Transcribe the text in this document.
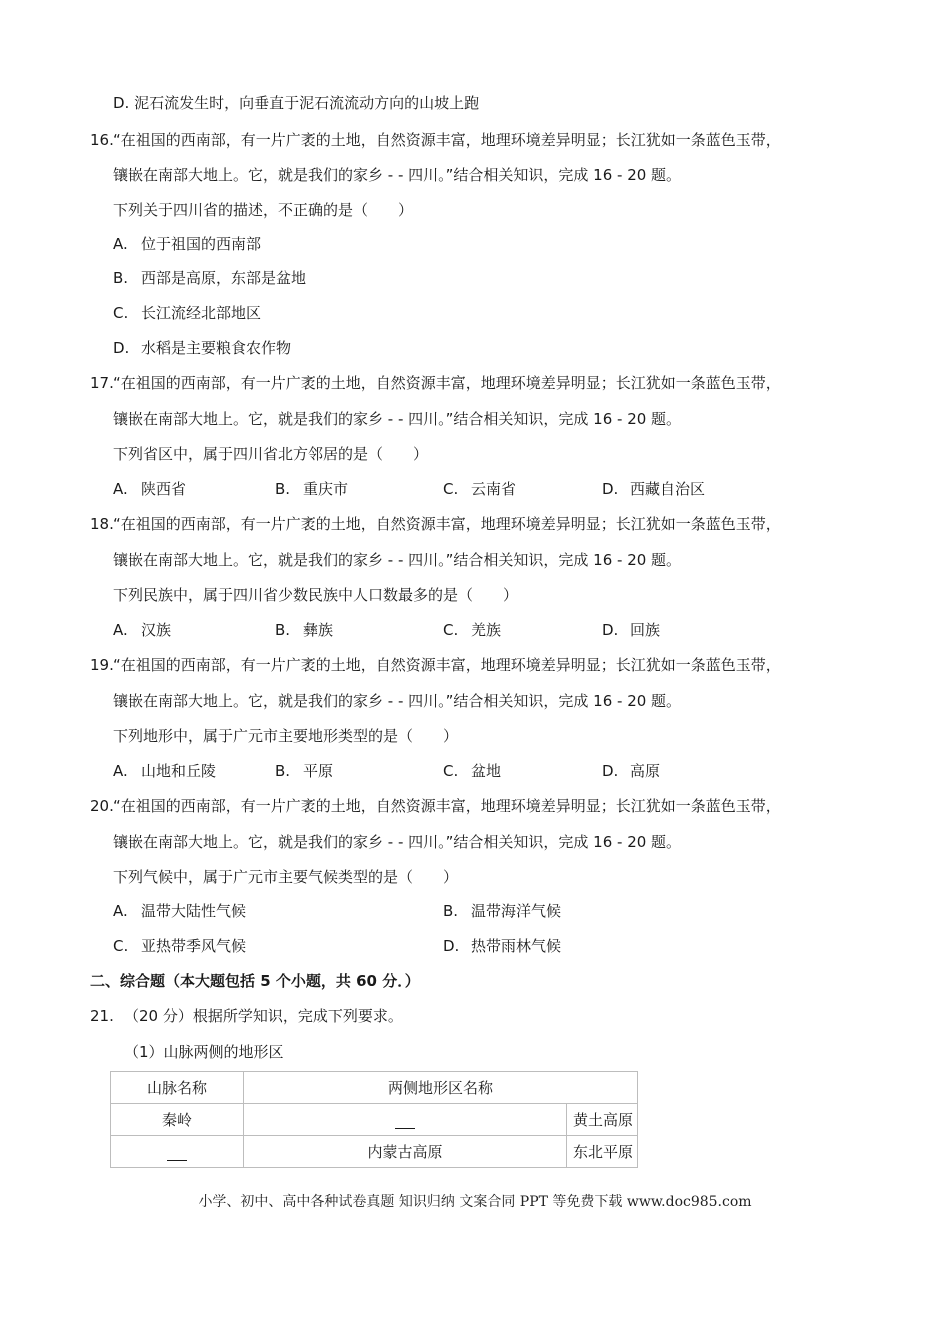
D. 泥石流发生时，向垂直于泥石流流动方向的山坡上跑
16. “在祖国的西南部，有一片广袤的土地，自然资源丰富，地理环境差异明显；长江犹如一条蓝色玉带，
镶嵌在南部大地上。它，就是我们的家乡 - - 四川。”结合相关知识，完成 16 - 20 题。
下列关于四川省的描述，不正确的是（　　）
A. 位于祖国的西南部
B. 西部是高原，东部是盆地
C. 长江流经北部地区
D. 水稻是主要粮食农作物
17. “在祖国的西南部，有一片广袤的土地，自然资源丰富，地理环境差异明显；长江犹如一条蓝色玉带，
镶嵌在南部大地上。它，就是我们的家乡 - - 四川。”结合相关知识，完成 16 - 20 题。
下列省区中，属于四川省北方邻居的是（　　）
A. 陕西省	B. 重庆市	C. 云南省	D. 西藏自治区
18. “在祖国的西南部，有一片广袤的土地，自然资源丰富，地理环境差异明显；长江犹如一条蓝色玉带，
镶嵌在南部大地上。它，就是我们的家乡 - - 四川。”结合相关知识，完成 16 - 20 题。
下列民族中，属于四川省少数民族中人口数最多的是（　　）
A. 汉族	B. 彝族	C. 羌族	D. 回族
19. “在祖国的西南部，有一片广袤的土地，自然资源丰富，地理环境差异明显；长江犹如一条蓝色玉带，
镶嵌在南部大地上。它，就是我们的家乡 - - 四川。”结合相关知识，完成 16 - 20 题。
下列地形中，属于广元市主要地形类型的是（　　）
A. 山地和丘陵	B. 平原	C. 盆地	D. 高原
20. “在祖国的西南部，有一片广袤的土地，自然资源丰富，地理环境差异明显；长江犹如一条蓝色玉带，
镶嵌在南部大地上。它，就是我们的家乡 - - 四川。”结合相关知识，完成 16 - 20 题。
下列气候中，属于广元市主要气候类型的是（　　）
A. 温带大陆性气候	B. 温带海洋气候
C. 亚热带季风气候	D. 热带雨林气候
二、综合题（本大题包括 5 个小题，共 60 分．）
21. （20 分）根据所学知识，完成下列要求。
（1）山脉两侧的地形区
山脉名称	两侧地形区名称	
秦岭		黄土高原
	内蒙古高原	东北平原
小学、初中、高中各种试卷真题 知识归纳 文案合同 PPT 等免费下载 www.doc985.com
